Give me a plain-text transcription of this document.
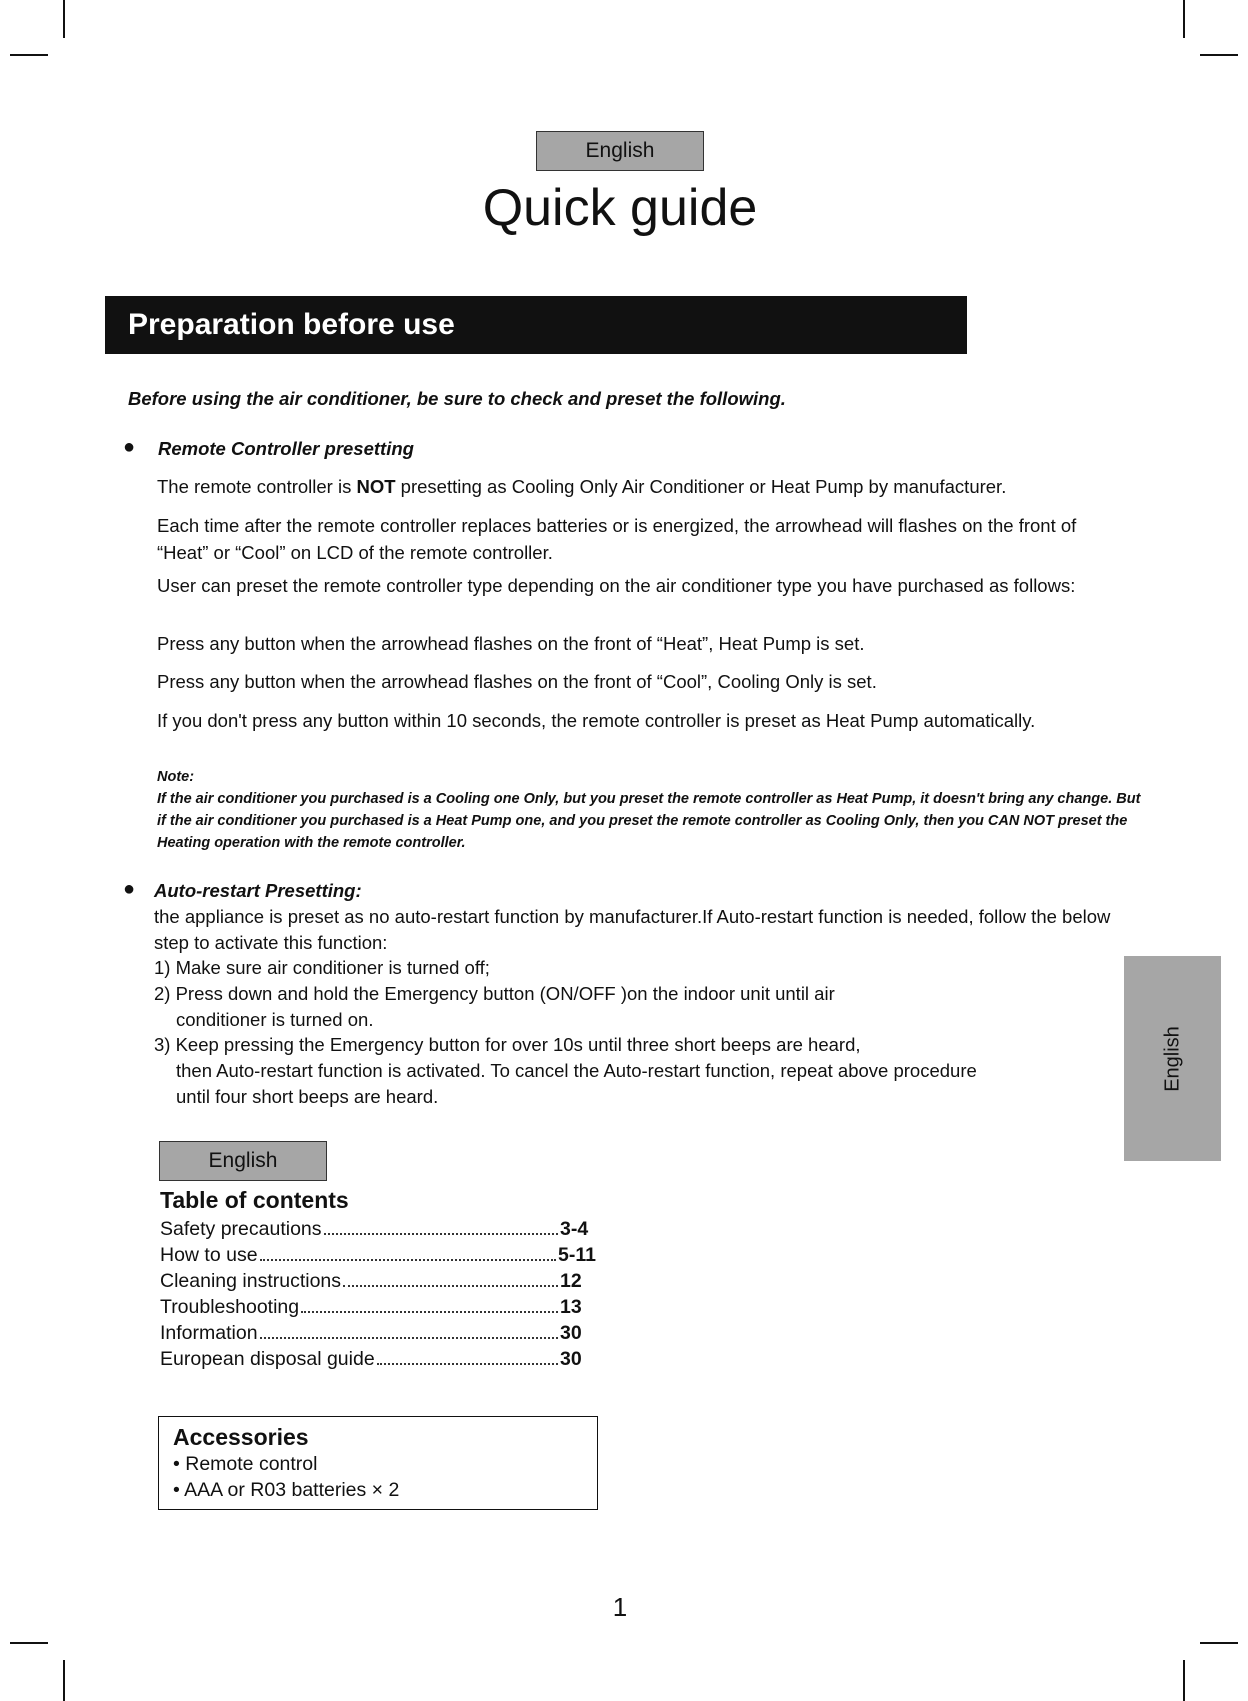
English
Quick guide
Preparation before use
Before using the air conditioner, be sure to check and preset the following.
● Remote Controller presetting
The remote controller is NOT presetting as Cooling Only Air Conditioner or Heat Pump by manufacturer.
Each time after the remote controller replaces batteries or is energized, the arrowhead will flashes on the front of “Heat” or “Cool” on LCD of the remote controller.
User can preset the remote controller type depending on the air conditioner type you have purchased as follows:
Press any button when the arrowhead flashes on the front of “Heat”, Heat Pump is set.
Press any button when the arrowhead flashes on the front of “Cool”, Cooling Only is set.
If you don't press any button within 10 seconds, the remote controller is preset as Heat Pump automatically.
Note:
If the air conditioner you purchased is a Cooling one Only, but you preset the remote controller as Heat Pump, it doesn't bring any change. But if the air conditioner you purchased is a Heat Pump one, and you preset the remote controller as Cooling Only, then you CAN NOT preset the Heating operation with the remote controller.
● Auto-restart Presetting:
the appliance is preset as no auto-restart function by manufacturer.If Auto-restart function is needed, follow the below step to activate this function:
1) Make sure air conditioner is turned off;
2) Press down and hold the Emergency button (ON/OFF )on the indoor unit until air
conditioner is turned on.
3) Keep pressing the Emergency button for over 10s until three short beeps are heard,
then Auto-restart function is activated. To cancel the Auto-restart function, repeat above procedure
until four short beeps are heard.
English
English
Table of contents
Safety precautions	3-4
How to use	5-11
Cleaning instructions	12
Troubleshooting	13
Information	30
European disposal guide	30
Accessories
• Remote control
• AAA or R03 batteries × 2
1
